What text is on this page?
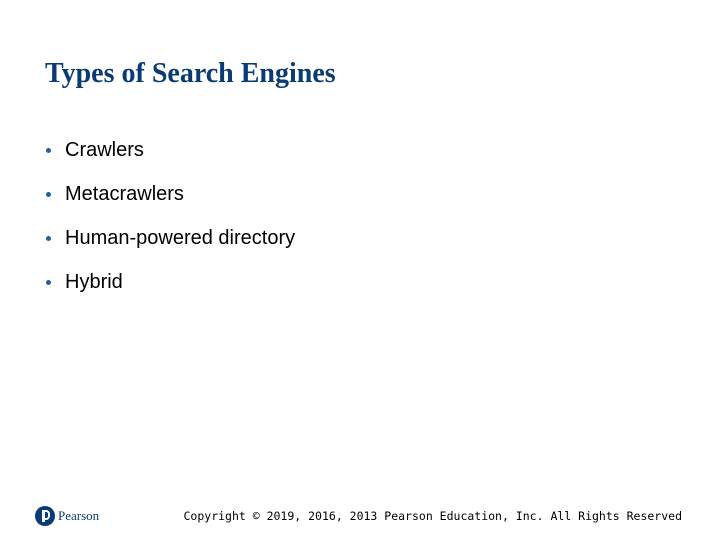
Types of Search Engines
Crawlers
Metacrawlers
Human-powered directory
Hybrid
Pearson	Copyright © 2019, 2016, 2013 Pearson Education, Inc. All Rights Reserved
